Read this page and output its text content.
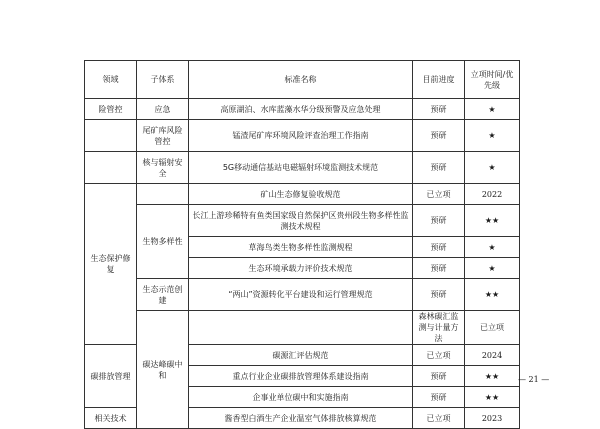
领域	子体系	标准名称	目前进度	立项时间/优先级	
险管控	应急	高原湖泊、水库蓝藻水华分级预警及应急处理	预研	★	
	尾矿库风险管控	锰渣尾矿库环境风险评查治理工作指南	预研	★	
	核与辐射安全	5G移动通信基站电磁辐射环境监测技术规范	预研	★	
生态保护修复		矿山生态修复验收规范	已立项	2022	
	生物多样性	长江上游珍稀特有鱼类国家级自然保护区贵州段生物多样性监测技术规程	预研	★★	
		草海鸟类生物多样性监测规程	预研	★	
		生态环境承载力评价技术规范	预研	★	
	生态示范创建	“两山”资源转化平台建设和运行管理规范	预研	★★	
	碳达峰碳中和		森林碳汇监测与计量方法	已立项	
碳排放管理		碳源汇评估规范	已立项	2024	
		重点行业企业碳排放管理体系建设指南	预研	★★	
		企事业单位碳中和实施指南	预研	★★	
相关技术		酱香型白酒生产企业温室气体排放核算规范	已立项	2023	
— 21 —
